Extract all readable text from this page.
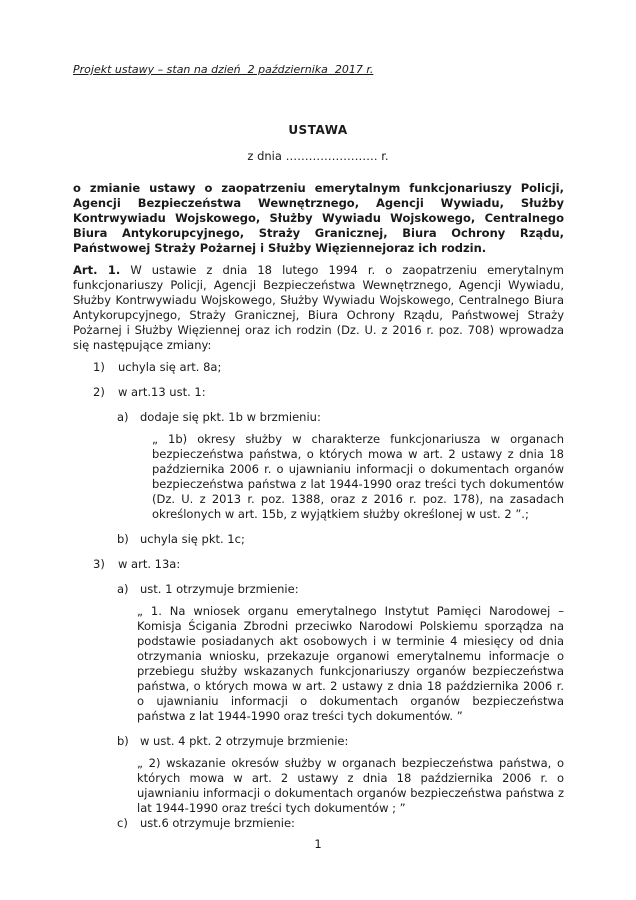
Projekt ustawy – stan na dzień  2 października  2017 r.
USTAWA
z dnia …………………… r.

o zmianie ustawy o zaopatrzeniu emerytalnym funkcjonariuszy Policji, Agencji Bezpieczeństwa Wewnętrznego, Agencji Wywiadu, Służby Kontrwywiadu Wojskowego, Służby Wywiadu Wojskowego, Centralnego Biura Antykorupcyjnego, Straży Granicznej, Biura Ochrony Rządu, Państwowej Straży Pożarnej i Służby Więziennejoraz ich rodzin.

Art. 1. W ustawie z dnia 18 lutego 1994 r. o zaopatrzeniu emerytalnym funkcjonariuszy Policji, Agencji Bezpieczeństwa Wewnętrznego, Agencji Wywiadu, Służby Kontrwywiadu Wojskowego, Służby Wywiadu Wojskowego, Centralnego Biura Antykorupcyjnego, Straży Granicznej, Biura Ochrony Rządu, Państwowej Straży Pożarnej i Służby Więziennej oraz ich rodzin (Dz. U. z 2016 r. poz. 708) wprowadza się następujące zmiany:

1)	uchyla się art. 8a;
2)	w art.13 ust. 1:
a) dodaje się pkt. 1b w brzmieniu:

„ 1b) okresy służby w charakterze funkcjonariusza w organach bezpieczeństwa państwa, o których mowa w art. 2 ustawy z dnia 18 października 2006 r. o ujawnianiu informacji o dokumentach organów bezpieczeństwa państwa z lat 1944-1990 oraz treści tych dokumentów (Dz. U. z 2013 r. poz. 1388, oraz z 2016 r. poz. 178), na zasadach określonych w art. 15b, z wyjątkiem służby określonej w ust. 2 ”.;

b) uchyla się pkt. 1c;
3)	w art. 13a:
a) ust. 1 otrzymuje brzmienie:

„ 1. Na wniosek organu emerytalnego Instytut Pamięci Narodowej – Komisja Ścigania Zbrodni przeciwko Narodowi Polskiemu sporządza na podstawie posiadanych akt osobowych i w terminie 4 miesięcy od dnia otrzymania wniosku, przekazuje organowi emerytalnemu informacje o przebiegu służby wskazanych funkcjonariuszy organów bezpieczeństwa państwa, o których mowa w art. 2 ustawy z dnia 18 października 2006 r. o ujawnianiu informacji o dokumentach organów bezpieczeństwa państwa z lat 1944-1990 oraz treści tych dokumentów. ”

b) w ust. 4 pkt. 2 otrzymuje brzmienie:

„ 2) wskazanie okresów służby w organach bezpieczeństwa państwa, o których mowa w art. 2 ustawy z dnia 18 października 2006 r. o ujawnianiu informacji o dokumentach organów bezpieczeństwa państwa z lat 1944-1990 oraz treści tych dokumentów ; ”

c)	ust.6 otrzymuje brzmienie:
1
